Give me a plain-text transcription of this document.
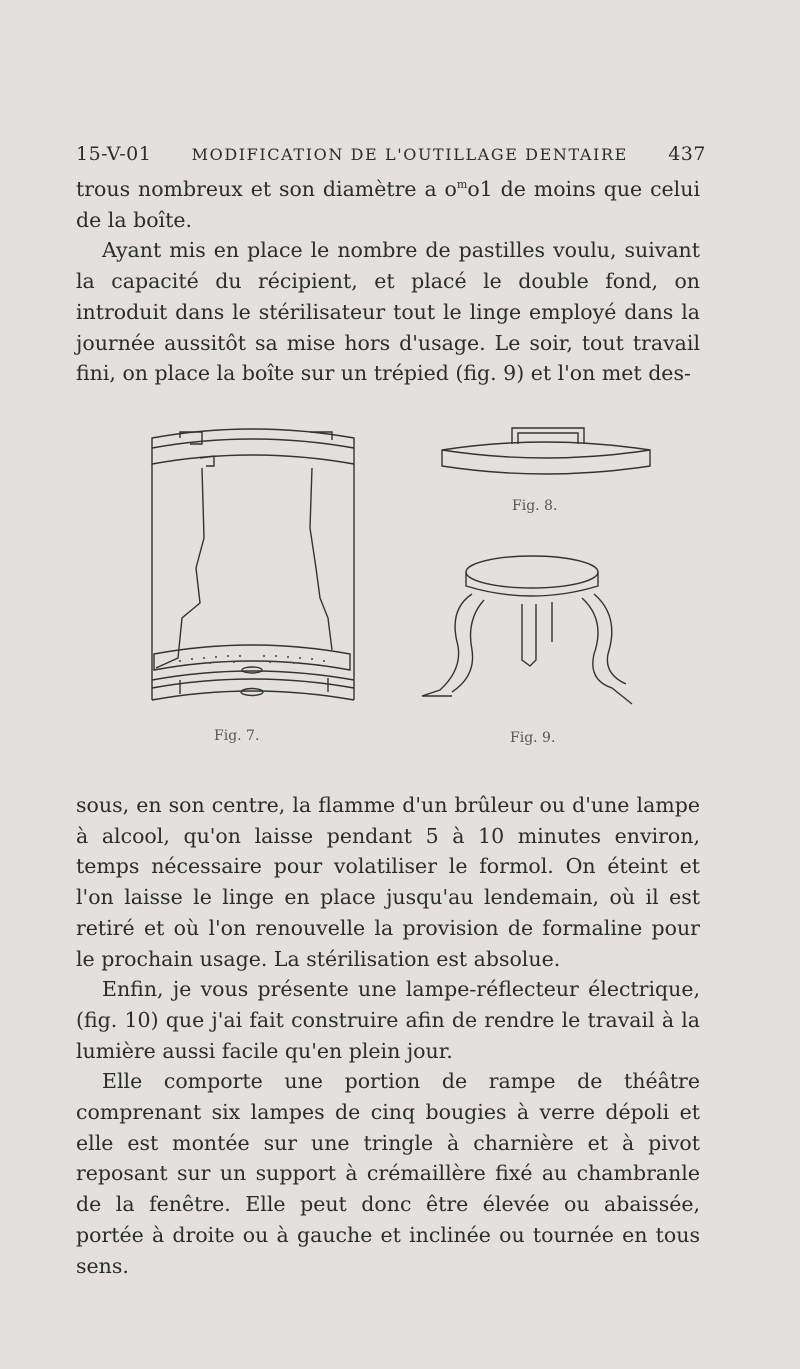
15-V-01	MODIFICATION DE L'OUTILLAGE DENTAIRE 437

trous nombreux et son diamètre a $o^mo1$ de moins que celui de la boîte.

Ayant mis en place le nombre de pastilles voulu, suivant la capacité du récipient, et placé le double fond, on introduit dans le stérilisateur tout le linge employé dans la journée aussitôt sa mise hors d'usage. Le soir, tout travail fini, on place la boîte sur un trépied (fig. 9) et l'on met des-

Fig. 7.
Fig. 8.
Fig. 9.

sous, en son centre, la flamme d'un brûleur ou d'une lampe à alcool, qu'on laisse pendant 5 à 10 minutes environ, temps nécessaire pour volatiliser le formol. On éteint et l'on laisse le linge en place jusqu'au lendemain, où il est retiré et où l'on renouvelle la provision de formaline pour le prochain usage. La stérilisation est absolue.

Enfin, je vous présente une lampe-réflecteur électrique, (fig. 10) que j'ai fait construire afin de rendre le travail à la lumière aussi facile qu'en plein jour.

Elle comporte une portion de rampe de théâtre comprenant six lampes de cinq bougies à verre dépoli et elle est montée sur une tringle à charnière et à pivot reposant sur un support à crémaillère fixé au chambranle de la fenêtre. Elle peut donc être élevée ou abaissée, portée à droite ou à gauche et inclinée ou tournée en tous sens.
